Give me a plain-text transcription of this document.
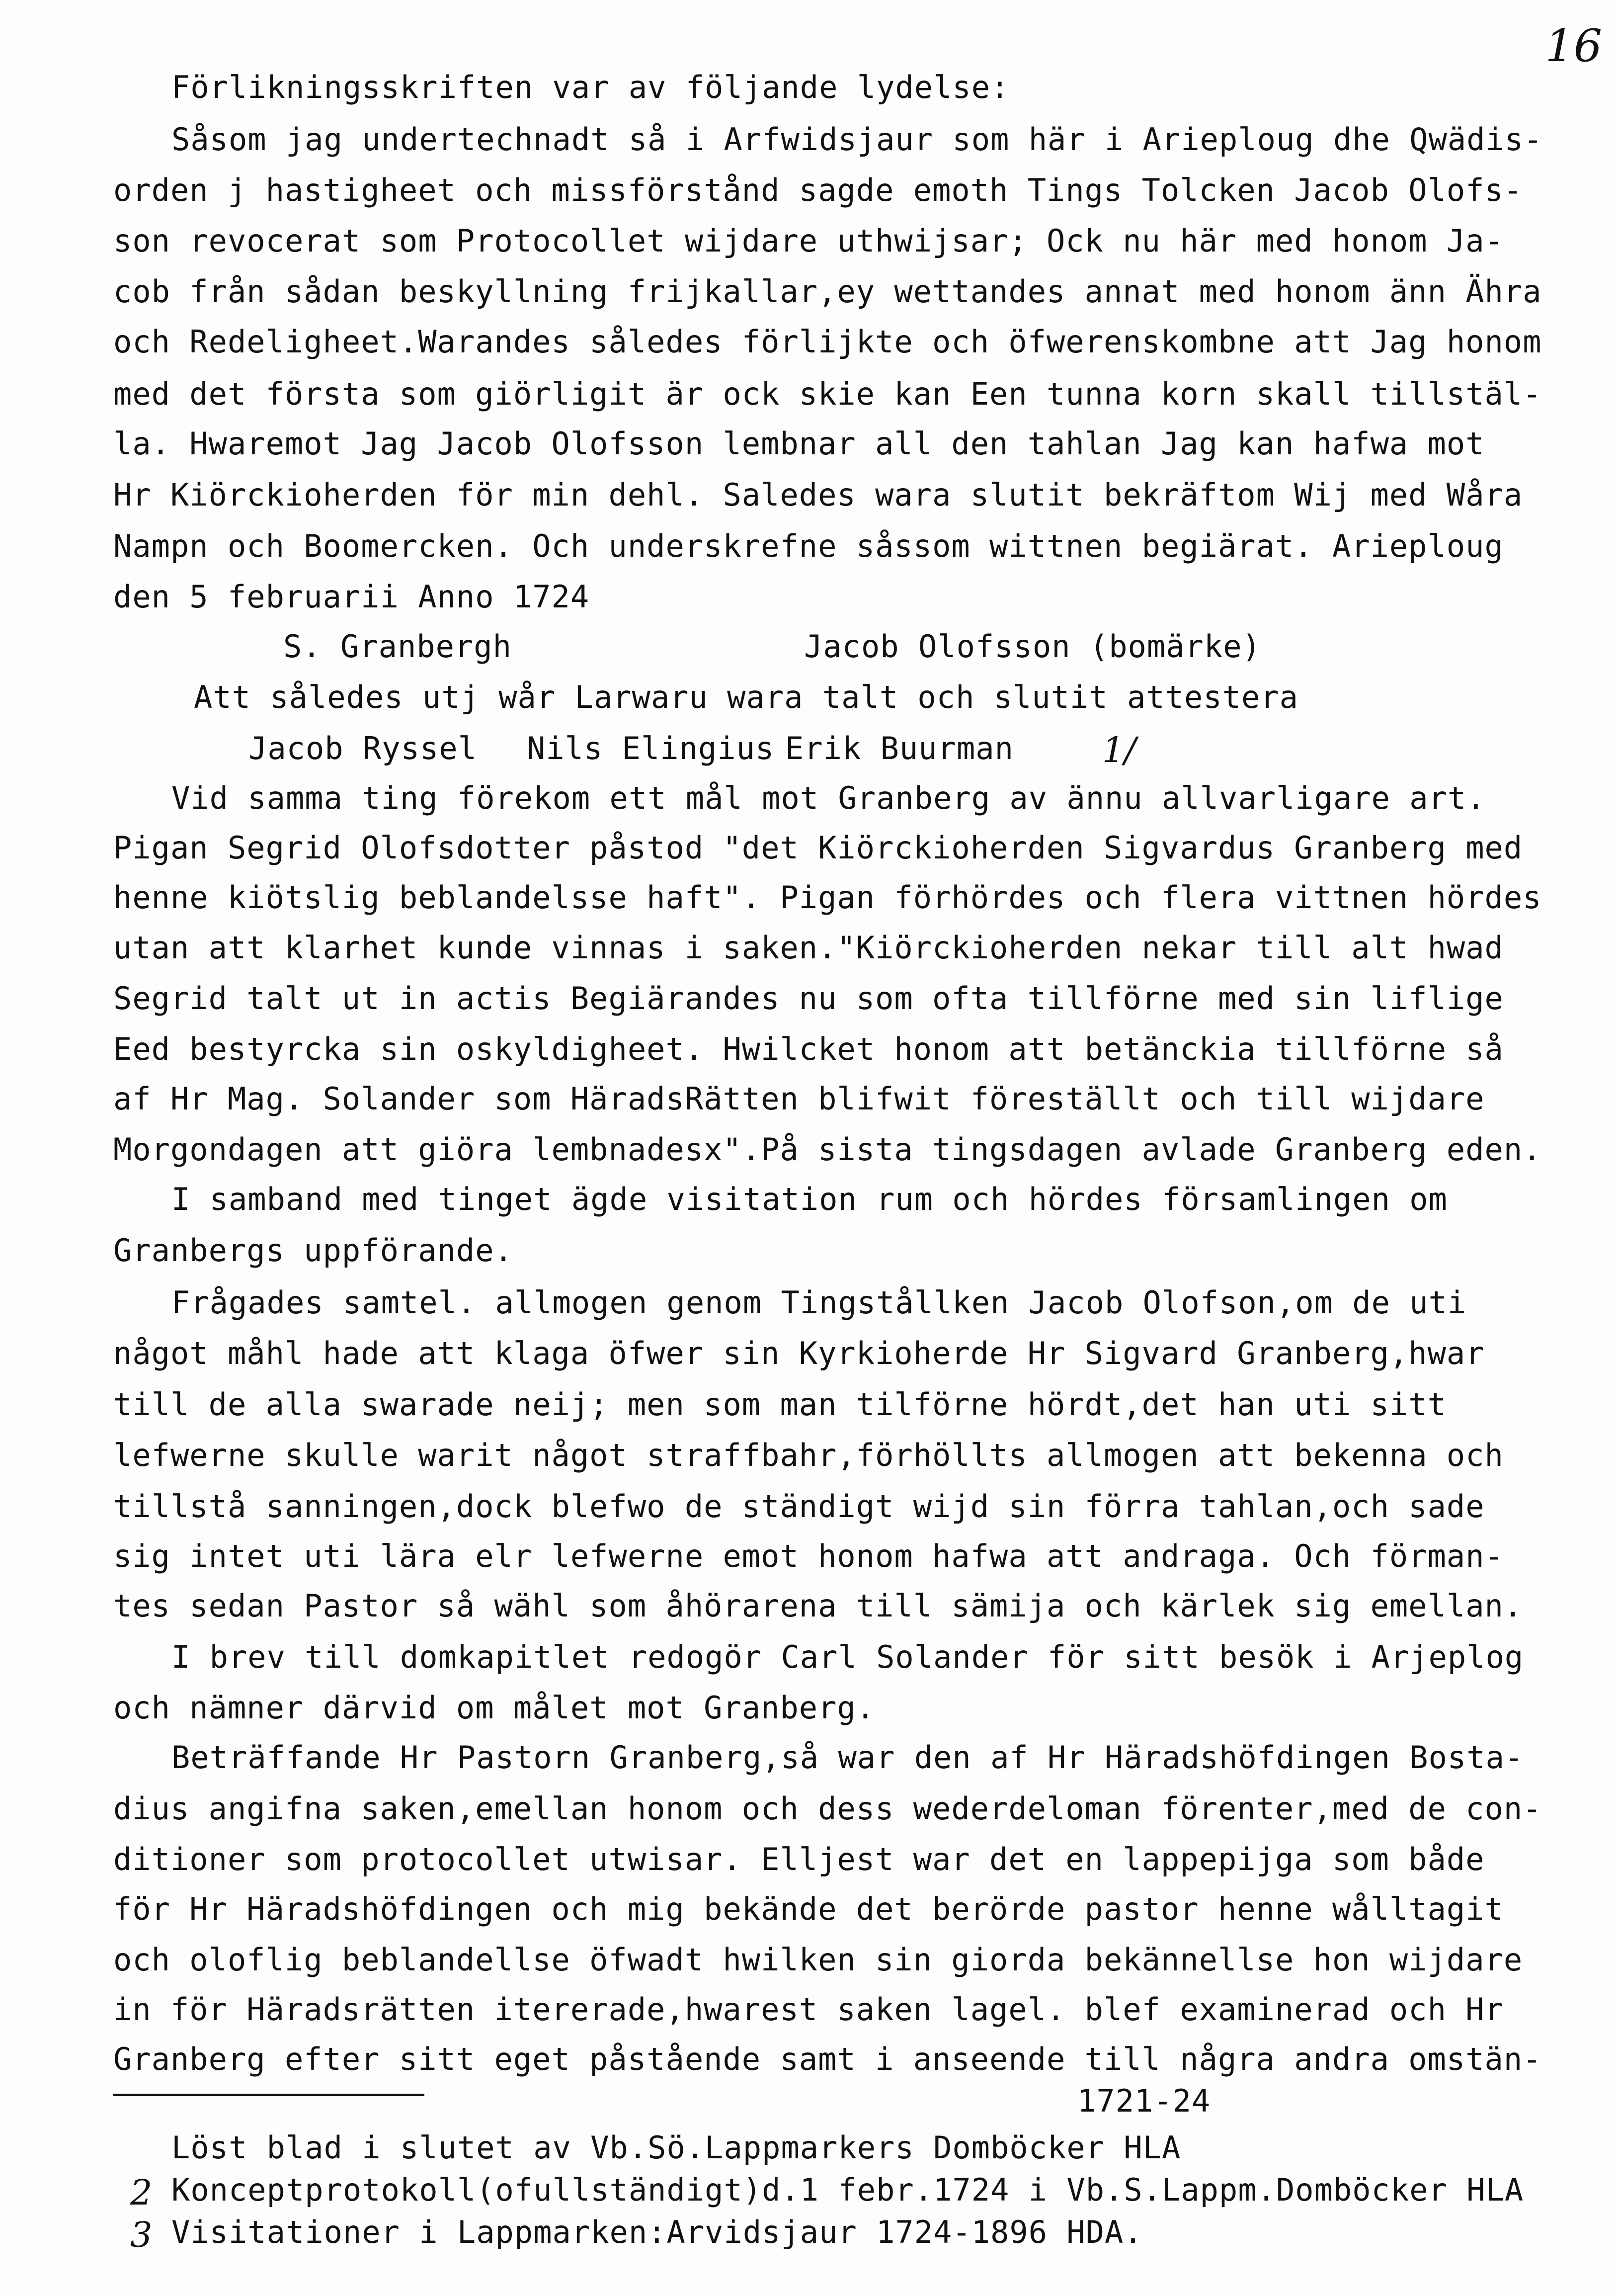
16
Förlikningsskriften var av följande lydelse:
Såsom jag undertechnadt så i Arfwidsjaur som här i Arieploug dhe Qwädis-
orden j hastigheet och missförstånd sagde emoth Tings Tolcken Jacob Olofs-
son revocerat som Protocollet wijdare uthwijsar; Ock nu här med honom Ja-
cob från sådan beskyllning frijkallar,ey wettandes annat med honom änn Ähra
och Redeligheet.Warandes således förlijkte och öfwerenskombne att Jag honom
med det första som giörligit är ock skie kan Een tunna korn skall tillstäl-
la. Hwaremot Jag Jacob Olofsson lembnar all den tahlan Jag kan hafwa mot
Hr Kiörckioherden för min dehl. Saledes wara slutit bekräftom Wij med Wåra
Nampn och Boomercken. Och underskrefne såssom wittnen begiärat. Arieploug
den 5 februarii Anno 1724
S. Granbergh	Jacob Olofsson (bomärke)
Att således utj wår Larwaru wara talt och slutit attestera
Jacob Ryssel Nils Elingius Erik Buurman	1/
Vid samma ting förekom ett mål mot Granberg av ännu allvarligare art.
Pigan Segrid Olofsdotter påstod "det Kiörckioherden Sigvardus Granberg med
henne kiötslig beblandelsse haft". Pigan förhördes och flera vittnen hördes
utan att klarhet kunde vinnas i saken."Kiörckioherden nekar till alt hwad
Segrid talt ut in actis Begiärandes nu som ofta tillförne med sin liflige
Eed bestyrcka sin oskyldigheet. Hwilcket honom att betänckia tillförne så
af Hr Mag. Solander som HäradsRätten blifwit föreställt och till wijdare
Morgondagen att giöra lembnadesx".På sista tingsdagen avlade Granberg eden.
I samband med tinget ägde visitation rum och hördes församlingen om
Granbergs uppförande.
Frågades samtel. allmogen genom Tingstållken Jacob Olofson,om de uti
något måhl hade att klaga öfwer sin Kyrkioherde Hr Sigvard Granberg,hwar
till de alla swarade neij; men som man tilförne hördt,det han uti sitt
lefwerne skulle warit något straffbahr,förhöllts allmogen att bekenna och
tillstå sanningen,dock blefwo de ständigt wijd sin förra tahlan,och sade
sig intet uti lära elr lefwerne emot honom hafwa att andraga. Och förman-
tes sedan Pastor så wähl som åhörarena till sämija och kärlek sig emellan.
I brev till domkapitlet redogör Carl Solander för sitt besök i Arjeplog
och nämner därvid om målet mot Granberg.
Beträffande Hr Pastorn Granberg,så war den af Hr Häradshöfdingen Bosta-
dius angifna saken,emellan honom och dess wederdeloman förenter,med de con-
ditioner som protocollet utwisar. Elljest war det en lappepijga som både
för Hr Häradshöfdingen och mig bekände det berörde pastor henne wålltagit
och oloflig beblandellse öfwadt hwilken sin giorda bekännellse hon wijdare
in för Häradsrätten itererade,hwarest saken lagel. blef examinerad och Hr
Granberg efter sitt eget påstående samt i anseende till några andra omstän-
1721-24
Löst blad i slutet av Vb.Sö.Lappmarkers Domböcker HLA
2 Konceptprotokoll(ofullständigt)d.1 febr.1724 i Vb.S.Lappm.Domböcker HLA
3 Visitationer i Lappmarken:Arvidsjaur 1724-1896 HDA.
